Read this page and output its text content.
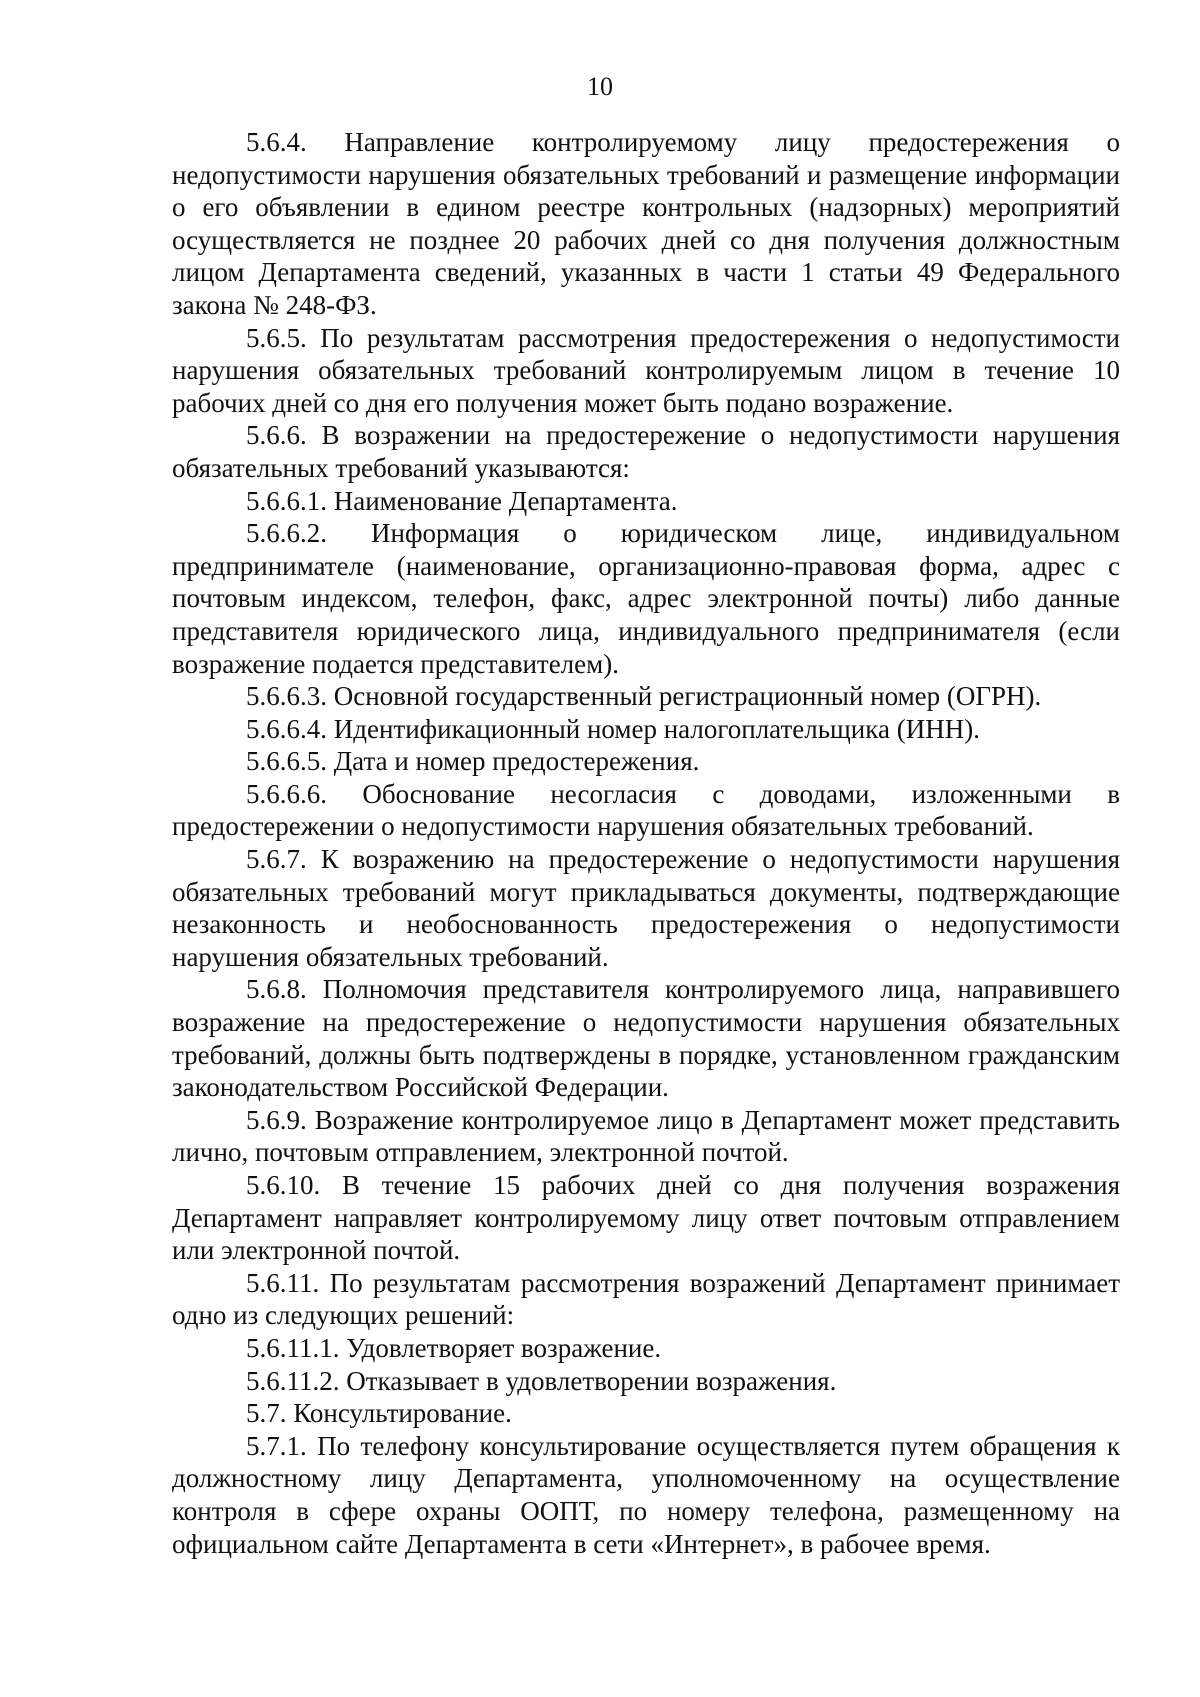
10

5.6.4. Направление контролируемому лицу предостережения о недопустимости нарушения обязательных требований и размещение информации о его объявлении в едином реестре контрольных (надзорных) мероприятий осуществляется не позднее 20 рабочих дней со дня получения должностным лицом Департамента сведений, указанных в части 1 статьи 49 Федерального закона № 248-ФЗ.

5.6.5. По результатам рассмотрения предостережения о недопустимости нарушения обязательных требований контролируемым лицом в течение 10 рабочих дней со дня его получения может быть подано возражение.

5.6.6. В возражении на предостережение о недопустимости нарушения обязательных требований указываются:

5.6.6.1. Наименование Департамента.

5.6.6.2. Информация о юридическом лице, индивидуальном предпринимателе (наименование, организационно-правовая форма, адрес с почтовым индексом, телефон, факс, адрес электронной почты) либо данные представителя юридического лица, индивидуального предпринимателя (если возражение подается представителем).

5.6.6.3. Основной государственный регистрационный номер (ОГРН).

5.6.6.4. Идентификационный номер налогоплательщика (ИНН).

5.6.6.5. Дата и номер предостережения.

5.6.6.6. Обоснование несогласия с доводами, изложенными в предостережении о недопустимости нарушения обязательных требований.

5.6.7. К возражению на предостережение о недопустимости нарушения обязательных требований могут прикладываться документы, подтверждающие незаконность и необоснованность предостережения о недопустимости нарушения обязательных требований.

5.6.8. Полномочия представителя контролируемого лица, направившего возражение на предостережение о недопустимости нарушения обязательных требований, должны быть подтверждены в порядке, установленном гражданским законодательством Российской Федерации.

5.6.9. Возражение контролируемое лицо в Департамент может представить лично, почтовым отправлением, электронной почтой.

5.6.10. В течение 15 рабочих дней со дня получения возражения Департамент направляет контролируемому лицу ответ почтовым отправлением или электронной почтой.

5.6.11. По результатам рассмотрения возражений Департамент принимает одно из следующих решений:

5.6.11.1. Удовлетворяет возражение.

5.6.11.2. Отказывает в удовлетворении возражения.

5.7. Консультирование.

5.7.1. По телефону консультирование осуществляется путем обращения к должностному лицу Департамента, уполномоченному на осуществление контроля в сфере охраны ООПТ, по номеру телефона, размещенному на официальном сайте Департамента в сети «Интернет», в рабочее время.
